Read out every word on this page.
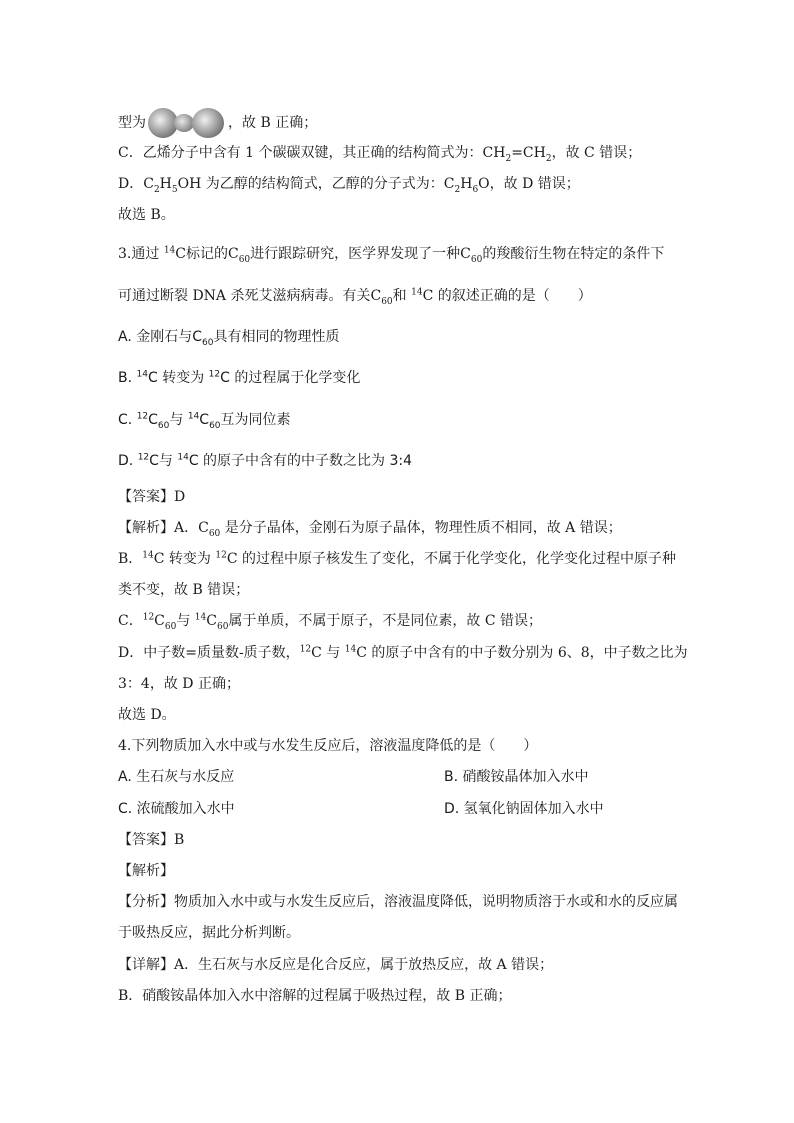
型为	，故 B 正确；
C．乙烯分子中含有 1 个碳碳双键，其正确的结构简式为：$CH_2=CH_2$，故 C 错误；
D．$C_2H_5OH$ 为乙醇的结构简式，乙醇的分子式为：$C_2H_6O$，故 D 错误；
故选 B。
3.通过 $^{14}$C标记的$C_{60}$进行跟踪研究，医学界发现了一种$C_{60}$的羧酸衍生物在特定的条件下
可通过断裂 DNA 杀死艾滋病病毒。有关$C_{60}$和 $^{14}$C 的叙述正确的是（　　）
A. 金刚石与$C_{60}$具有相同的物理性质
B. $^{14}$C 转变为 $^{12}$C 的过程属于化学变化
C. $^{12}C_{60}$与 $^{14}C_{60}$互为同位素
D. $^{12}$C与 $^{14}$C 的原子中含有的中子数之比为 3:4
【答案】D
【解析】A．$C_{60}$ 是分子晶体，金刚石为原子晶体，物理性质不相同，故 A 错误；
B．$^{14}$C 转变为 $^{12}$C 的过程中原子核发生了变化，不属于化学变化，化学变化过程中原子种
类不变，故 B 错误；
C．$^{12}C_{60}$与 $^{14}C_{60}$属于单质，不属于原子，不是同位素，故 C 错误；
D．中子数=质量数-质子数，$^{12}$C 与 $^{14}$C 的原子中含有的中子数分别为 6、8，中子数之比为
3：4，故 D 正确；
故选 D。
4.下列物质加入水中或与水发生反应后，溶液温度降低的是（　　）
A. 生石灰与水反应	B. 硝酸铵晶体加入水中
C. 浓硫酸加入水中	D. 氢氧化钠固体加入水中
【答案】B
【解析】
【分析】物质加入水中或与水发生反应后，溶液温度降低，说明物质溶于水或和水的反应属
于吸热反应，据此分析判断。
【详解】A．生石灰与水反应是化合反应，属于放热反应，故 A 错误；
B．硝酸铵晶体加入水中溶解的过程属于吸热过程，故 B 正确；
